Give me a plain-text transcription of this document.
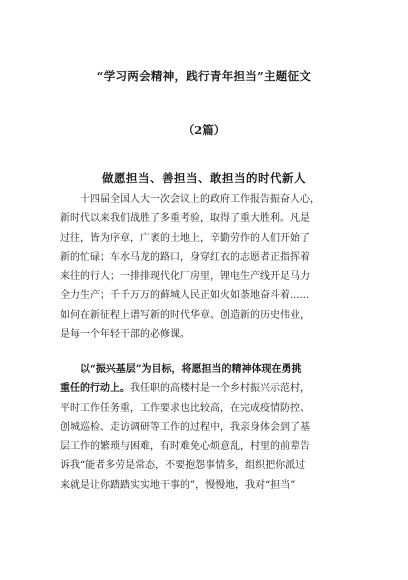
“学习两会精神，践行青年担当”主题征文
（2篇）
做愿担当、善担当、敢担当的时代新人
十四届全国人大一次会议上的政府工作报告振奋人心，
新时代以来我们战胜了多重考验，取得了重大胜利。凡是
过往，皆为序章，广袤的土地上，辛勤劳作的人们开始了
新的忙碌；车水马龙的路口，身穿红衣的志愿者正指挥着
来往的行人；一排排现代化厂房里，锂电生产线开足马力
全力生产；千千万万的藓城人民正如火如荼地奋斗着......
如何在新征程上谱写新的时代华章、创造新的历史伟业，
是每一个年轻干部的必修课。
以“振兴基层”为目标，将愿担当的精神体现在勇挑
重任的行动上。我任职的高楼村是一个乡村振兴示范村，
平时工作任务重，工作要求也比较高，在完成疫情防控、
创城巡检、走访调研等工作的过程中，我亲身体会到了基
层工作的繁琐与困难，有时难免心烦意乱，村里的前辈告
诉我“能者多劳是常态，不要抱怨事情多，组织把你派过
来就是让你踏踏实实地干事的”，慢慢地，我对“担当”
